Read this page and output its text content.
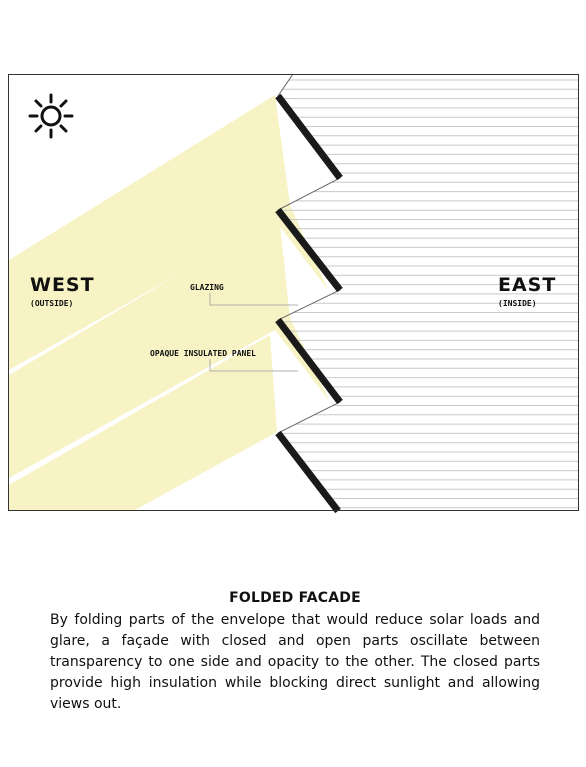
WEST
(OUTSIDE)
EAST
(INSIDE)
GLAZING
OPAQUE INSULATED PANEL
FOLDED FACADE
By folding parts of the envelope that would reduce solar loads and glare, a façade with closed and open parts oscillate between transparency to one side and opacity to the other. The closed parts provide high insulation while blocking direct sunlight and allowing views out.
